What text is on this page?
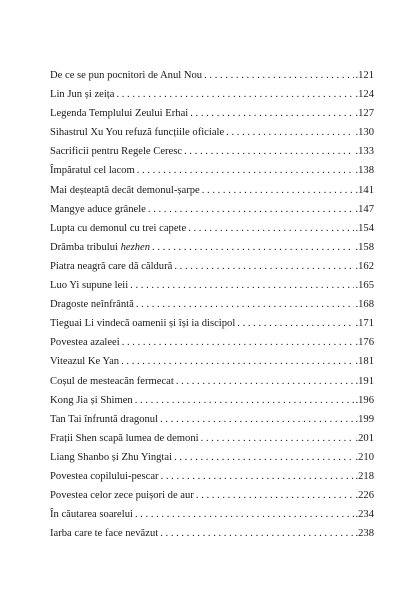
De ce se pun pocnitori de Anul Nou . . .	.121
Lin Jun și zeița . . .	.124
Legenda Templului Zeului Erhai . . .	.127
Sihastrul Xu You refuză funcțiile oficiale . . .	.130
Sacrificii pentru Regele Ceresc . . .	.133
Împăratul cel lacom . . .	.138
Mai deșteaptă decât demonul-șarpe . . .	.141
Mangye aduce grânele . . .	.147
Lupta cu demonul cu trei capete . . .	.154
Drâmba tribului hezhen . . .	.158
Piatra neagră care dă căldură . . .	.162
Luo Yi supune leii . . .	.165
Dragoste neînfrântă . . .	.168
Tieguai Li vindecă oamenii și își ia discipol . . .	.171
Povestea azaleei . . .	.176
Viteazul Ke Yan . . .	.181
Coșul de mesteacăn fermecat . . .	.191
Kong Jia și Shimen . . .	.196
Tan Tai înfruntă dragonul . . .	.199
Frații Shen scapă lumea de demoni . . .	.201
Liang Shanbo și Zhu Yingtai . . .	.210
Povestea copilului-pescar . . .	.218
Povestea celor zece puișori de aur . . .	.226
În căutarea soarelui . . .	.234
Iarba care te face nevăzut . . .	.238
